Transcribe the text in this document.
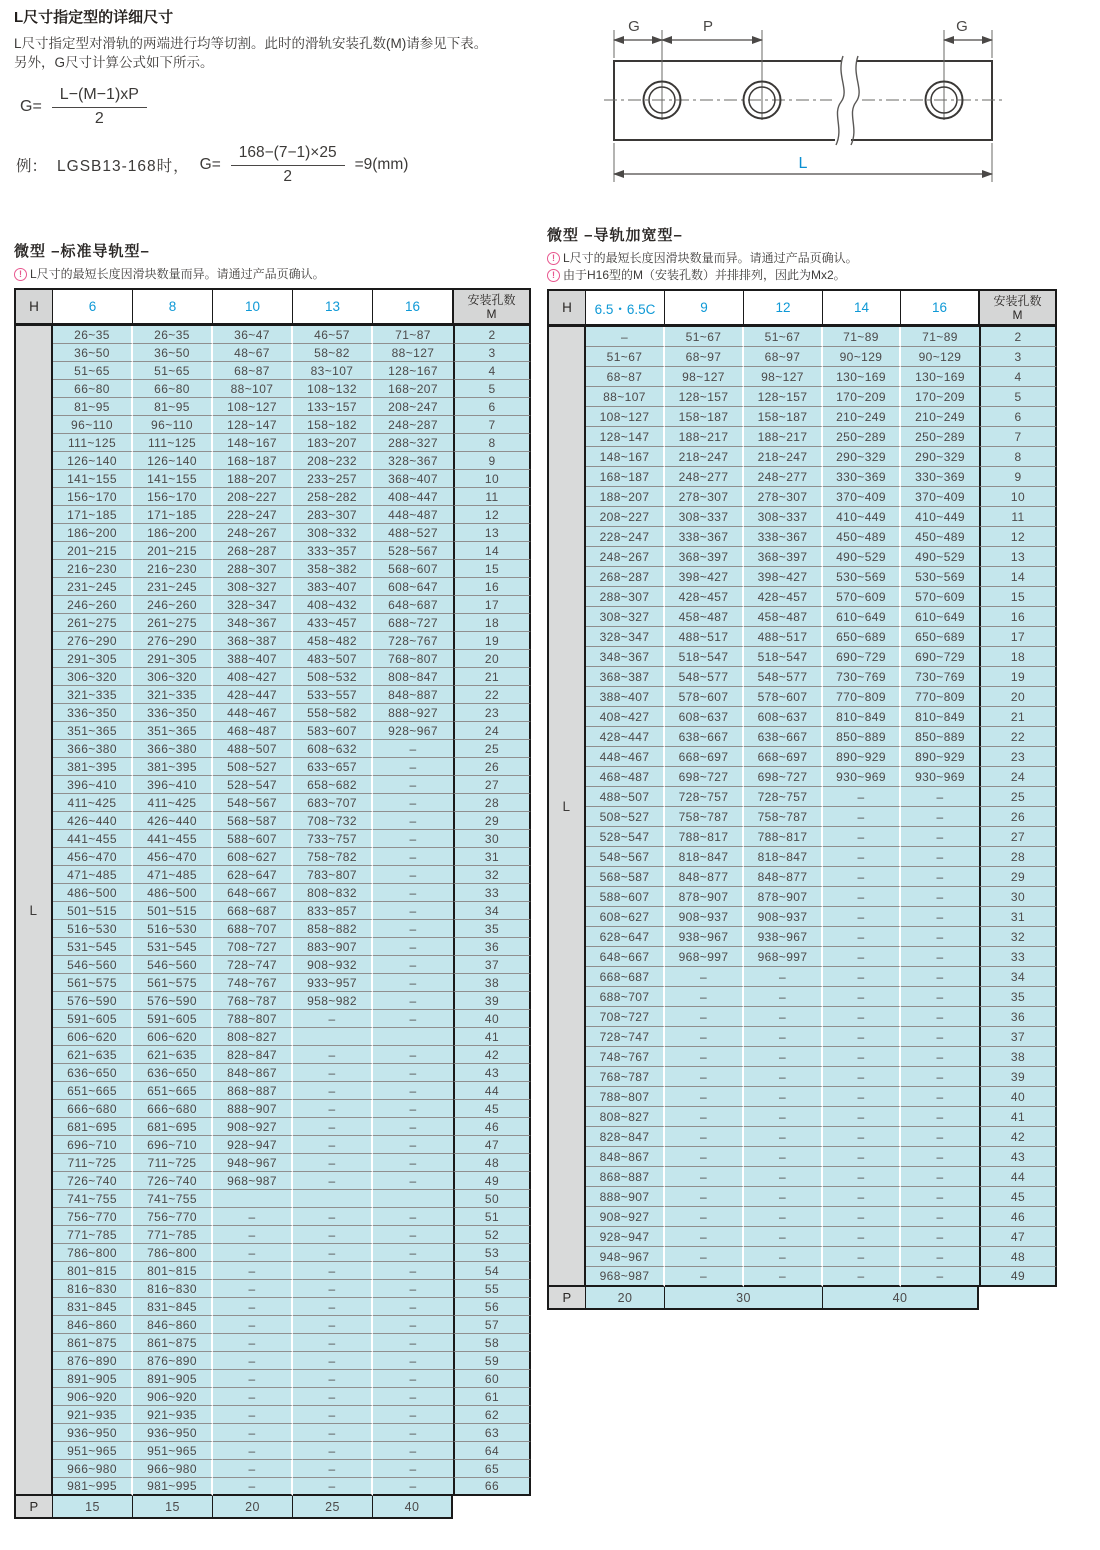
L尺寸指定型的详细尺寸
L尺寸指定型对滑轨的两端进行均等切割。此时的滑轨安装孔数(M)请参见下表。
另外，G尺寸计算公式如下所示。
$G= \frac{L-(M-1)xP}{2}$
例： LGSB13-168时， $G= \frac{168-(7-1)\times 25}{2} =9(mm)$
G	P	G
L
微型 –标准导轨型–
! L尺寸的最短长度因滑块数量而异。请通过产品页确认。
H	6	8	10	13	16	安装孔数
M

L	26~35	26~35	36~47	46~57	71~87	2
	36~50	36~50	48~67	58~82	88~127	3
	51~65	51~65	68~87	83~107	128~167	4
	66~80	66~80	88~107	108~132	168~207	5
	81~95	81~95	108~127	133~157	208~247	6
	96~110	96~110	128~147	158~182	248~287	7
	111~125	111~125	148~167	183~207	288~327	8
	126~140	126~140	168~187	208~232	328~367	9
	141~155	141~155	188~207	233~257	368~407	10
	156~170	156~170	208~227	258~282	408~447	11
	171~185	171~185	228~247	283~307	448~487	12
	186~200	186~200	248~267	308~332	488~527	13
	201~215	201~215	268~287	333~357	528~567	14
	216~230	216~230	288~307	358~382	568~607	15
	231~245	231~245	308~327	383~407	608~647	16
	246~260	246~260	328~347	408~432	648~687	17
	261~275	261~275	348~367	433~457	688~727	18
	276~290	276~290	368~387	458~482	728~767	19
	291~305	291~305	388~407	483~507	768~807	20
	306~320	306~320	408~427	508~532	808~847	21
	321~335	321~335	428~447	533~557	848~887	22
	336~350	336~350	448~467	558~582	888~927	23
	351~365	351~365	468~487	583~607	928~967	24
	366~380	366~380	488~507	608~632	–	25
	381~395	381~395	508~527	633~657	–	26
	396~410	396~410	528~547	658~682	–	27
	411~425	411~425	548~567	683~707	–	28
	426~440	426~440	568~587	708~732	–	29
	441~455	441~455	588~607	733~757	–	30
	456~470	456~470	608~627	758~782	–	31
	471~485	471~485	628~647	783~807	–	32
	486~500	486~500	648~667	808~832	–	33
	501~515	501~515	668~687	833~857	–	34
	516~530	516~530	688~707	858~882	–	35
	531~545	531~545	708~727	883~907	–	36
	546~560	546~560	728~747	908~932	–	37
	561~575	561~575	748~767	933~957	–	38
	576~590	576~590	768~787	958~982	–	39
	591~605	591~605	788~807	–	–	40
	606~620	606~620	808~827			41
	621~635	621~635	828~847	–	–	42
	636~650	636~650	848~867	–	–	43
	651~665	651~665	868~887	–	–	44
	666~680	666~680	888~907	–	–	45
	681~695	681~695	908~927	–	–	46
	696~710	696~710	928~947	–	–	47
	711~725	711~725	948~967	–	–	48
	726~740	726~740	968~987	–	–	49
	741~755	741~755				50
	756~770	756~770	–	–	–	51
	771~785	771~785	–	–	–	52
	786~800	786~800	–	–	–	53
	801~815	801~815	–	–	–	54
	816~830	816~830	–	–	–	55
	831~845	831~845	–	–	–	56
	846~860	846~860	–	–	–	57
	861~875	861~875	–	–	–	58
	876~890	876~890	–	–	–	59
	891~905	891~905	–	–	–	60
	906~920	906~920	–	–	–	61
	921~935	921~935	–	–	–	62
	936~950	936~950	–	–	–	63
	951~965	951~965	–	–	–	64
	966~980	966~980	–	–	–	65
	981~995	981~995	–	–	–	66
P	15	15	20	25	40	
微型 –导轨加宽型–
! L尺寸的最短长度因滑块数量而异。请通过产品页确认。
! 由于H16型的M（安装孔数）并排排列，因此为Mx2。
H	6.5・6.5C	9	12	14	16	安装孔数
M

L	–	51~67	51~67	71~89	71~89	2
	51~67	68~97	68~97	90~129	90~129	3
	68~87	98~127	98~127	130~169	130~169	4
	88~107	128~157	128~157	170~209	170~209	5
	108~127	158~187	158~187	210~249	210~249	6
	128~147	188~217	188~217	250~289	250~289	7
	148~167	218~247	218~247	290~329	290~329	8
	168~187	248~277	248~277	330~369	330~369	9
	188~207	278~307	278~307	370~409	370~409	10
	208~227	308~337	308~337	410~449	410~449	11
	228~247	338~367	338~367	450~489	450~489	12
	248~267	368~397	368~397	490~529	490~529	13
	268~287	398~427	398~427	530~569	530~569	14
	288~307	428~457	428~457	570~609	570~609	15
	308~327	458~487	458~487	610~649	610~649	16
	328~347	488~517	488~517	650~689	650~689	17
	348~367	518~547	518~547	690~729	690~729	18
	368~387	548~577	548~577	730~769	730~769	19
	388~407	578~607	578~607	770~809	770~809	20
	408~427	608~637	608~637	810~849	810~849	21
	428~447	638~667	638~667	850~889	850~889	22
	448~467	668~697	668~697	890~929	890~929	23
	468~487	698~727	698~727	930~969	930~969	24
	488~507	728~757	728~757	–	–	25
	508~527	758~787	758~787	–	–	26
	528~547	788~817	788~817	–	–	27
	548~567	818~847	818~847	–	–	28
	568~587	848~877	848~877	–	–	29
	588~607	878~907	878~907	–	–	30
	608~627	908~937	908~937	–	–	31
	628~647	938~967	938~967	–	–	32
	648~667	968~997	968~997	–	–	33
	668~687	–	–	–	–	34
	688~707	–	–	–	–	35
	708~727	–	–	–	–	36
	728~747	–	–	–	–	37
	748~767	–	–	–	–	38
	768~787	–	–	–	–	39
	788~807	–	–	–	–	40
	808~827	–	–	–	–	41
	828~847	–	–	–	–	42
	848~867	–	–	–	–	43
	868~887	–	–	–	–	44
	888~907	–	–	–	–	45
	908~927	–	–	–	–	46
	928~947	–	–	–	–	47
	948~967	–	–	–	–	48
	968~987	–	–	–	–	49
P	20	30		40		
